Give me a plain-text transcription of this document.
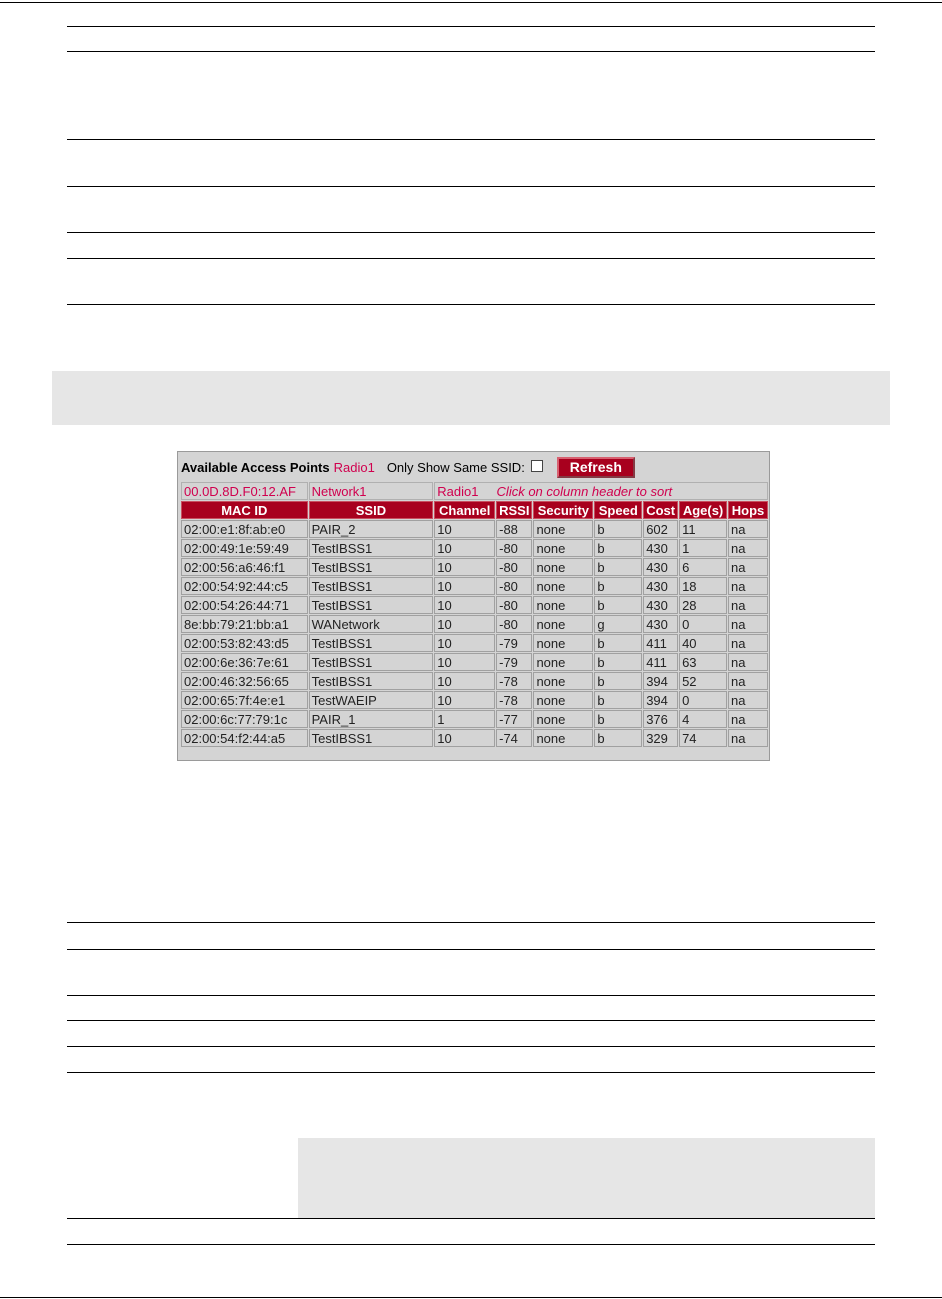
Available Access Points Radio1 Only Show Same SSID:	Refresh
00.0D.8D.F0:12.AF	Network1	Radio1 Click on column header to sort						
MAC ID	SSID	Channel	RSSI	Security	Speed	Cost	Age(s)	Hops
02:00:e1:8f:ab:e0	PAIR_2	10	-88	none	b	602	11	na
02:00:49:1e:59:49	TestIBSS1	10	-80	none	b	430	1	na
02:00:56:a6:46:f1	TestIBSS1	10	-80	none	b	430	6	na
02:00:54:92:44:c5	TestIBSS1	10	-80	none	b	430	18	na
02:00:54:26:44:71	TestIBSS1	10	-80	none	b	430	28	na
8e:bb:79:21:bb:a1	WANetwork	10	-80	none	g	430	0	na
02:00:53:82:43:d5	TestIBSS1	10	-79	none	b	411	40	na
02:00:6e:36:7e:61	TestIBSS1	10	-79	none	b	411	63	na
02:00:46:32:56:65	TestIBSS1	10	-78	none	b	394	52	na
02:00:65:7f:4e:e1	TestWAEIP	10	-78	none	b	394	0	na
02:00:6c:77:79:1c	PAIR_1	1	-77	none	b	376	4	na
02:00:54:f2:44:a5	TestIBSS1	10	-74	none	b	329	74	na
